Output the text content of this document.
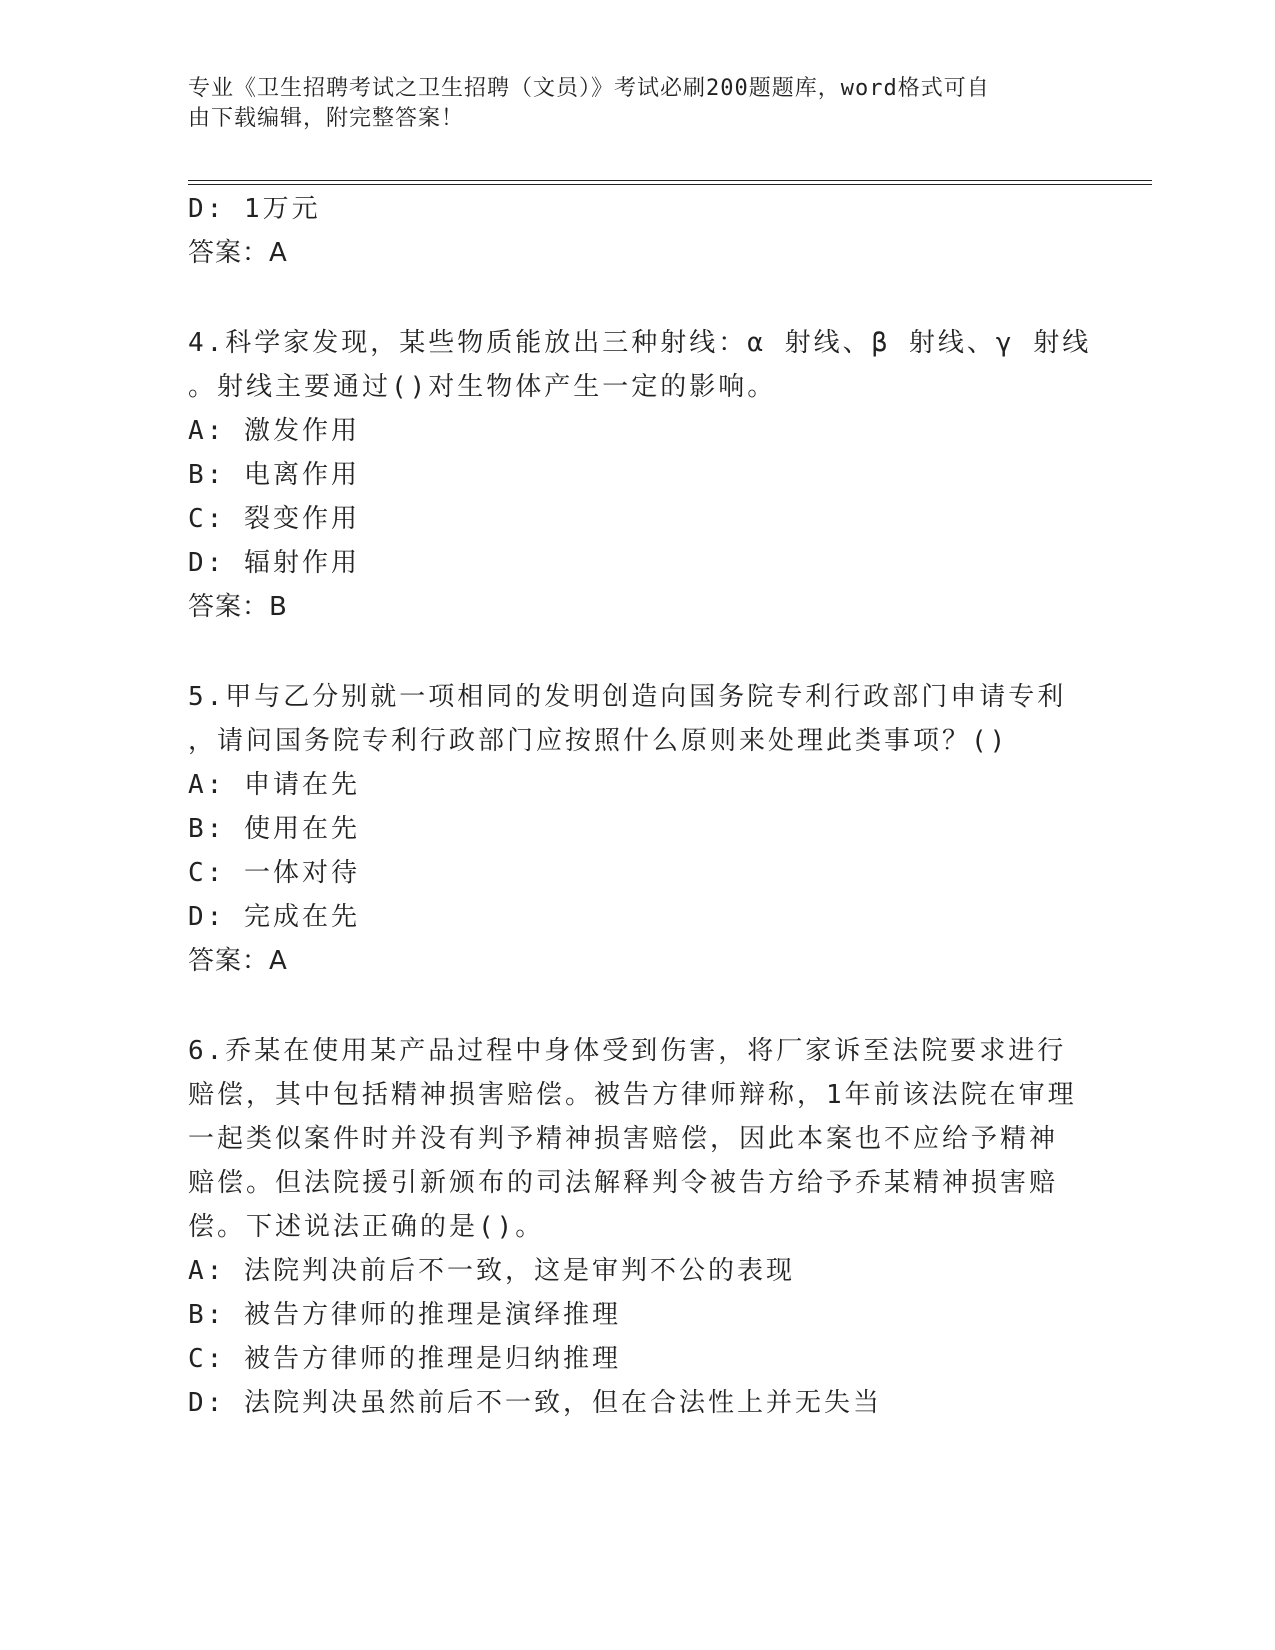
专业《卫生招聘考试之卫生招聘（文员）》考试必刷200题题库，word格式可自
由下载编辑，附完整答案！
D: 1万元
答案：A
4.科学家发现，某些物质能放出三种射线：α 射线、β 射线、γ 射线
。射线主要通过()对生物体产生一定的影响。
A: 激发作用
B: 电离作用
C: 裂变作用
D: 辐射作用
答案：B
5.甲与乙分别就一项相同的发明创造向国务院专利行政部门申请专利
，请问国务院专利行政部门应按照什么原则来处理此类事项？()
A: 申请在先
B: 使用在先
C: 一体对待
D: 完成在先
答案：A
6.乔某在使用某产品过程中身体受到伤害，将厂家诉至法院要求进行
赔偿，其中包括精神损害赔偿。被告方律师辩称，1年前该法院在审理
一起类似案件时并没有判予精神损害赔偿，因此本案也不应给予精神
赔偿。但法院援引新颁布的司法解释判令被告方给予乔某精神损害赔
偿。下述说法正确的是()。
A: 法院判决前后不一致，这是审判不公的表现
B: 被告方律师的推理是演绎推理
C: 被告方律师的推理是归纳推理
D: 法院判决虽然前后不一致，但在合法性上并无失当
